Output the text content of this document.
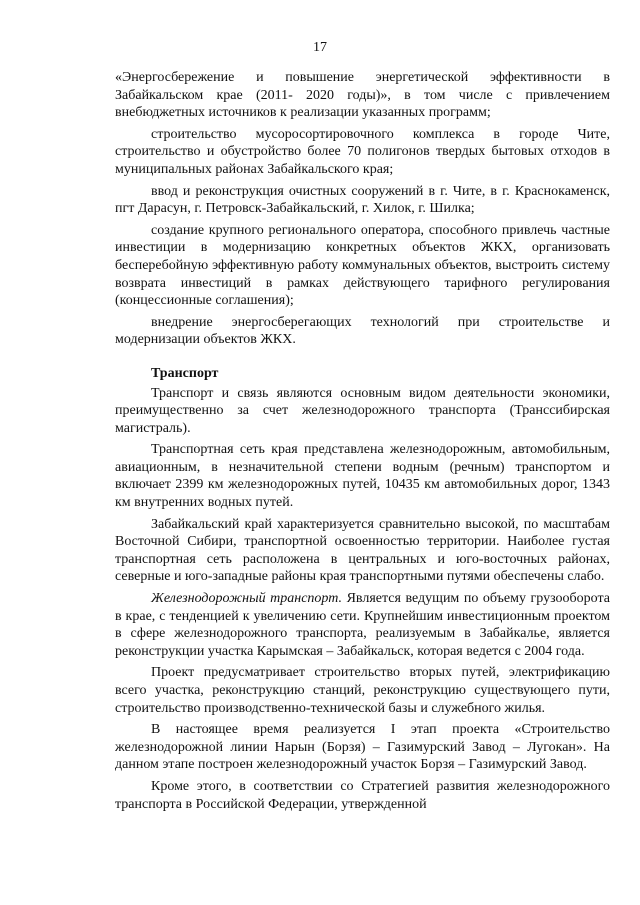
17

«Энергосбережение и повышение энергетической эффективности в Забайкальском крае (2011- 2020 годы)», в том числе с привлечением внебюджетных источников к реализации указанных программ;

строительство мусоросортировочного комплекса в городе Чите, строительство и обустройство более 70 полигонов твердых бытовых отходов в муниципальных районах Забайкальского края;

ввод и реконструкция очистных сооружений в г. Чите, в г. Краснокаменск, пгт Дарасун, г. Петровск-Забайкальский, г. Хилок, г. Шилка;

создание крупного регионального оператора, способного привлечь частные инвестиции в модернизацию конкретных объектов ЖКХ, организовать бесперебойную эффективную работу коммунальных объектов, выстроить систему возврата инвестиций в рамках действующего тарифного регулирования (концессионные соглашения);

внедрение энергосберегающих технологий при строительстве и модернизации объектов ЖКХ.

Транспорт

Транспорт и связь являются основным видом деятельности экономики, преимущественно за счет железнодорожного транспорта (Транссибирская магистраль).

Транспортная сеть края представлена железнодорожным, автомобильным, авиационным, в незначительной степени водным (речным) транспортом и включает 2399 км железнодорожных путей, 10435 км автомобильных дорог, 1343 км внутренних водных путей.

Забайкальский край характеризуется сравнительно высокой, по масштабам Восточной Сибири, транспортной освоенностью территории. Наиболее густая транспортная сеть расположена в центральных и юго-восточных районах, северные и юго-западные районы края транспортными путями обеспечены слабо.

Железнодорожный транспорт. Является ведущим по объему грузооборота в крае, с тенденцией к увеличению сети. Крупнейшим инвестиционным проектом в сфере железнодорожного транспорта, реализуемым в Забайкалье, является реконструкции участка Карымская – Забайкальск, которая ведется с 2004 года.

Проект предусматривает строительство вторых путей, электрификацию всего участка, реконструкцию станций, реконструкцию существующего пути, строительство производственно-технической базы и служебного жилья.

В настоящее время реализуется I этап проекта «Строительство железнодорожной линии Нарын (Борзя) – Газимурский Завод – Лугокан». На данном этапе построен железнодорожный участок Борзя – Газимурский Завод.

Кроме этого, в соответствии со Стратегией развития железнодорожного транспорта в Российской Федерации, утвержденной
